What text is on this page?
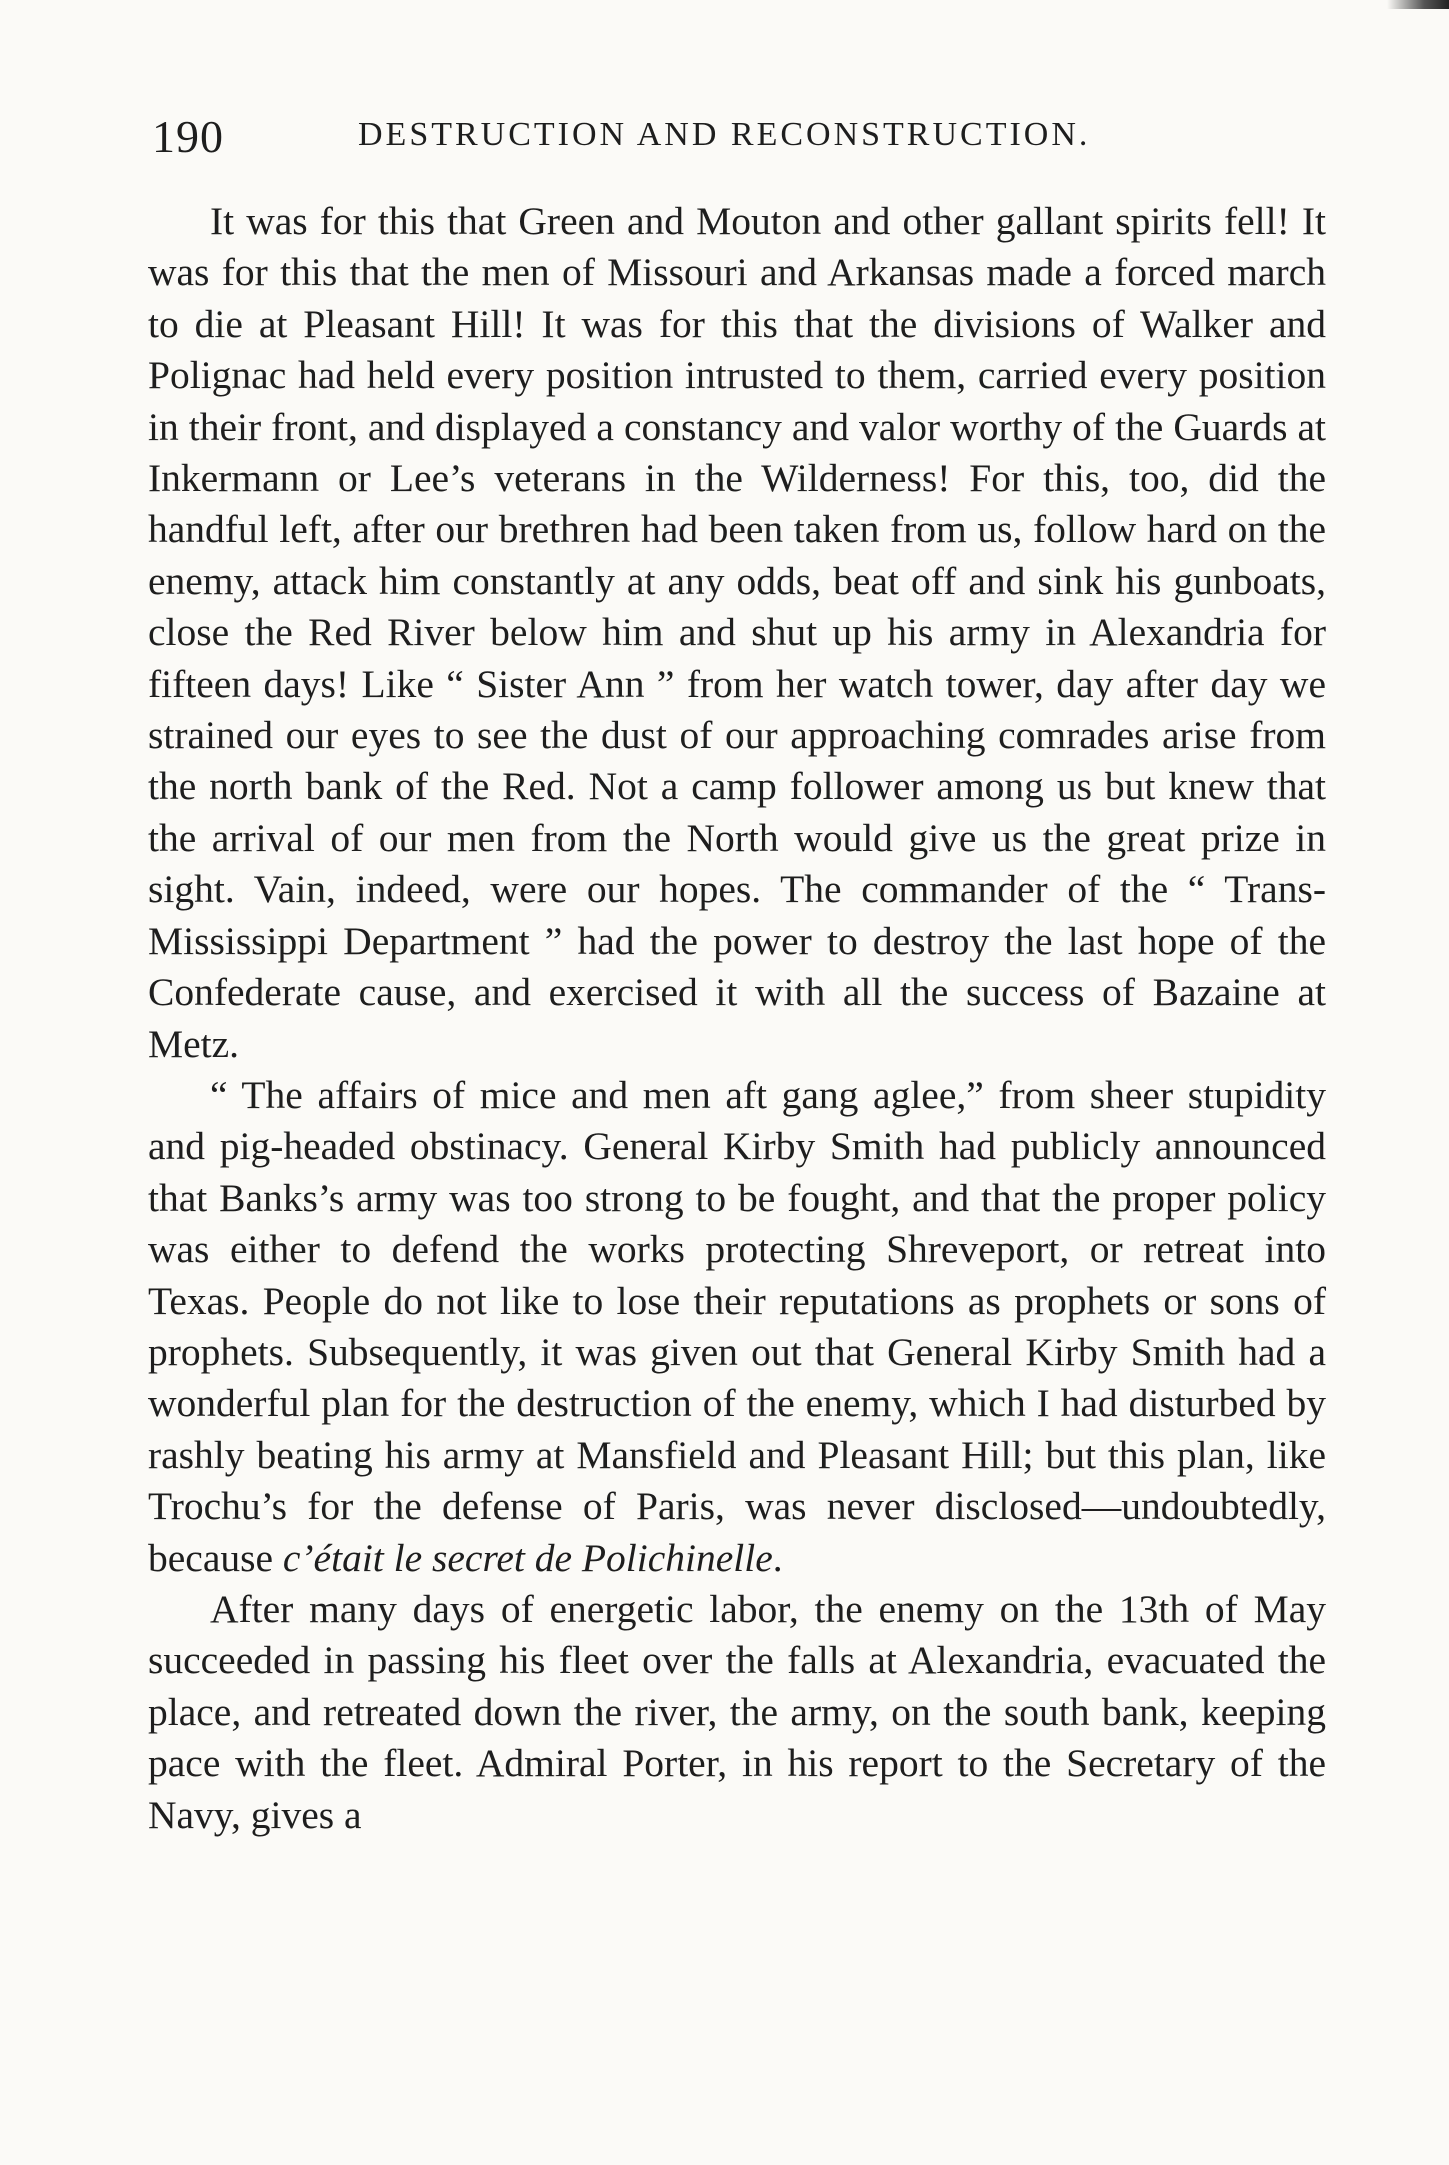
190	DESTRUCTION AND RECONSTRUCTION.

It was for this that Green and Mouton and other gallant spirits fell! It was for this that the men of Missouri and Arkansas made a forced march to die at Pleasant Hill! It was for this that the divisions of Walker and Polignac had held every position intrusted to them, carried every position in their front, and displayed a constancy and valor worthy of the Guards at Inkermann or Lee’s veterans in the Wilderness! For this, too, did the handful left, after our brethren had been taken from us, follow hard on the enemy, attack him constantly at any odds, beat off and sink his gunboats, close the Red River below him and shut up his army in Alexandria for fifteen days! Like “ Sister Ann ” from her watch tower, day after day we strained our eyes to see the dust of our approaching comrades arise from the north bank of the Red. Not a camp follower among us but knew that the arrival of our men from the North would give us the great prize in sight. Vain, indeed, were our hopes. The commander of the “ Trans-Mississippi Department ” had the power to destroy the last hope of the Confederate cause, and exercised it with all the success of Bazaine at Metz.

“ The affairs of mice and men aft gang aglee,” from sheer stupidity and pig-headed obstinacy. General Kirby Smith had publicly announced that Banks’s army was too strong to be fought, and that the proper policy was either to defend the works protecting Shreveport, or retreat into Texas. People do not like to lose their reputations as prophets or sons of prophets. Subsequently, it was given out that General Kirby Smith had a wonderful plan for the destruction of the enemy, which I had disturbed by rashly beating his army at Mansfield and Pleasant Hill; but this plan, like Trochu’s for the defense of Paris, was never disclosed—undoubtedly, because c’était le secret de Polichinelle.

After many days of energetic labor, the enemy on the 13th of May succeeded in passing his fleet over the falls at Alexandria, evacuated the place, and retreated down the river, the army, on the south bank, keeping pace with the fleet. Admiral Porter, in his report to the Secretary of the Navy, gives a
